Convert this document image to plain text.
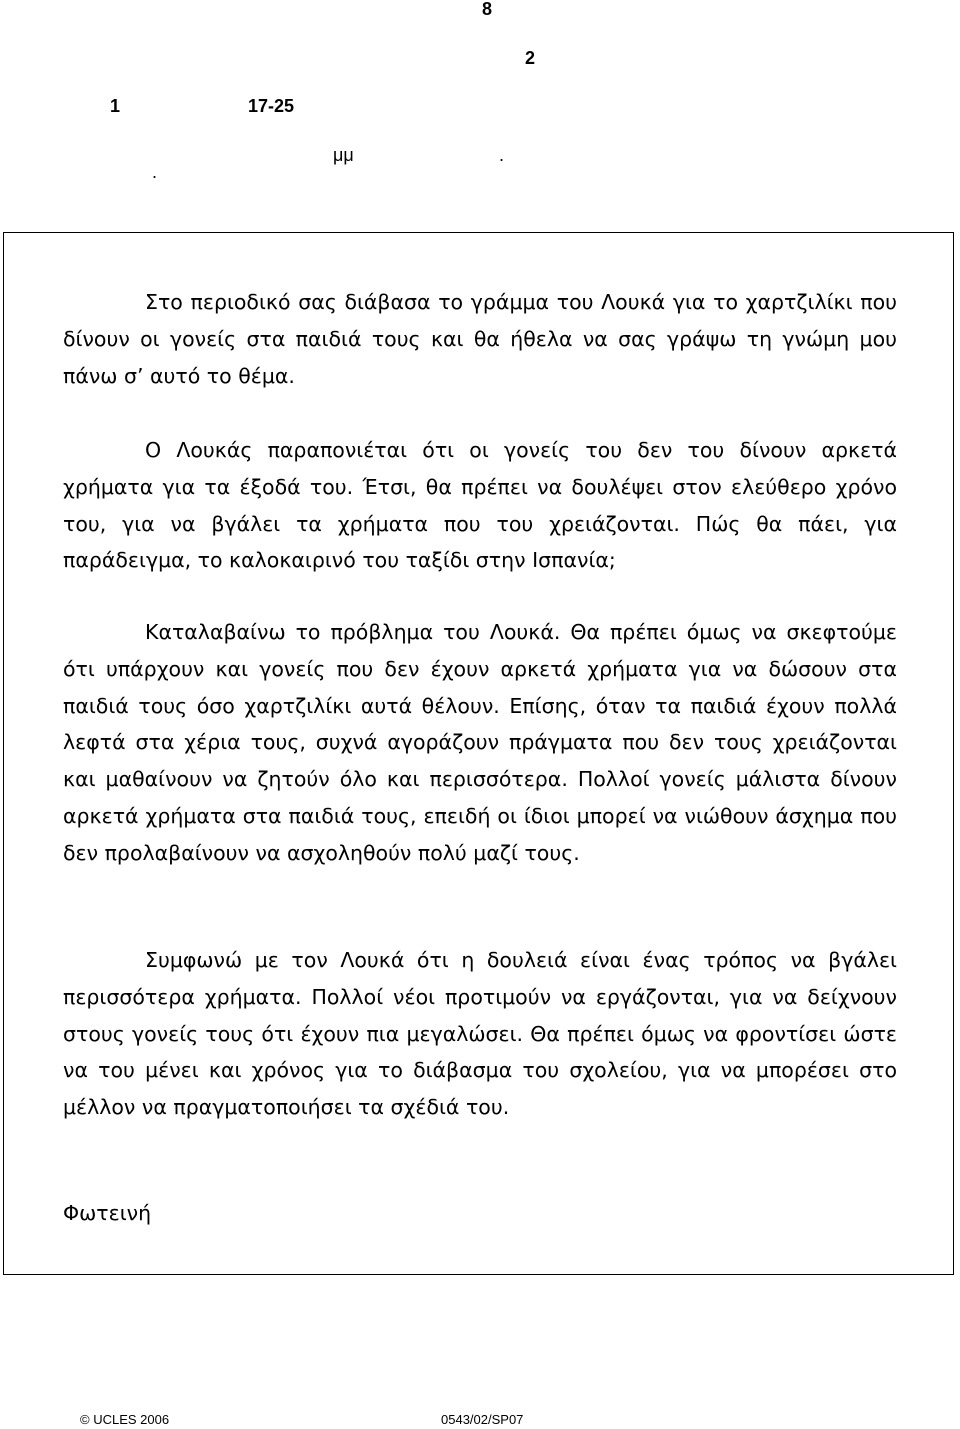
8
2
1	17-25
μμ	.
.

Στο περιοδικό σας διάβασα το γράμμα του Λουκά για το χαρτζιλίκι που δίνουν οι γονείς στα παιδιά τους και θα ήθελα να σας γράψω τη γνώμη μου πάνω σ’ αυτό το θέμα.

Ο Λουκάς παραπονιέται ότι οι γονείς του δεν του δίνουν αρκετά χρήματα για τα έξοδά του. Έτσι, θα πρέπει να δουλέψει στον ελεύθερο χρόνο του, για να βγάλει τα χρήματα που του χρειάζονται. Πώς θα πάει, για παράδειγμα, το καλοκαιρινό του ταξίδι στην Ισπανία;

Καταλαβαίνω το πρόβλημα του Λουκά. Θα πρέπει όμως να σκεφτούμε ότι υπάρχουν και γονείς που δεν έχουν αρκετά χρήματα για να δώσουν στα παιδιά τους όσο χαρτζιλίκι αυτά θέλουν. Επίσης, όταν τα παιδιά έχουν πολλά λεφτά στα χέρια τους, συχνά αγοράζουν πράγματα που δεν τους χρειάζονται και μαθαίνουν να ζητούν όλο και περισσότερα. Πολλοί γονείς μάλιστα δίνουν αρκετά χρήματα στα παιδιά τους, επειδή οι ίδιοι μπορεί να νιώθουν άσχημα που δεν προλαβαίνουν να ασχοληθούν πολύ μαζί τους.

Συμφωνώ με τον Λουκά ότι η δουλειά είναι ένας τρόπος να βγάλει περισσότερα χρήματα. Πολλοί νέοι προτιμούν να εργάζονται, για να δείχνουν στους γονείς τους ότι έχουν πια μεγαλώσει. Θα πρέπει όμως να φροντίσει ώστε να του μένει και χρόνος για το διάβασμα του σχολείου, για να μπορέσει στο μέλλον να πραγματοποιήσει τα σχέδιά του.

Φωτεινή

© UCLES 2006	0543/02/SP07
